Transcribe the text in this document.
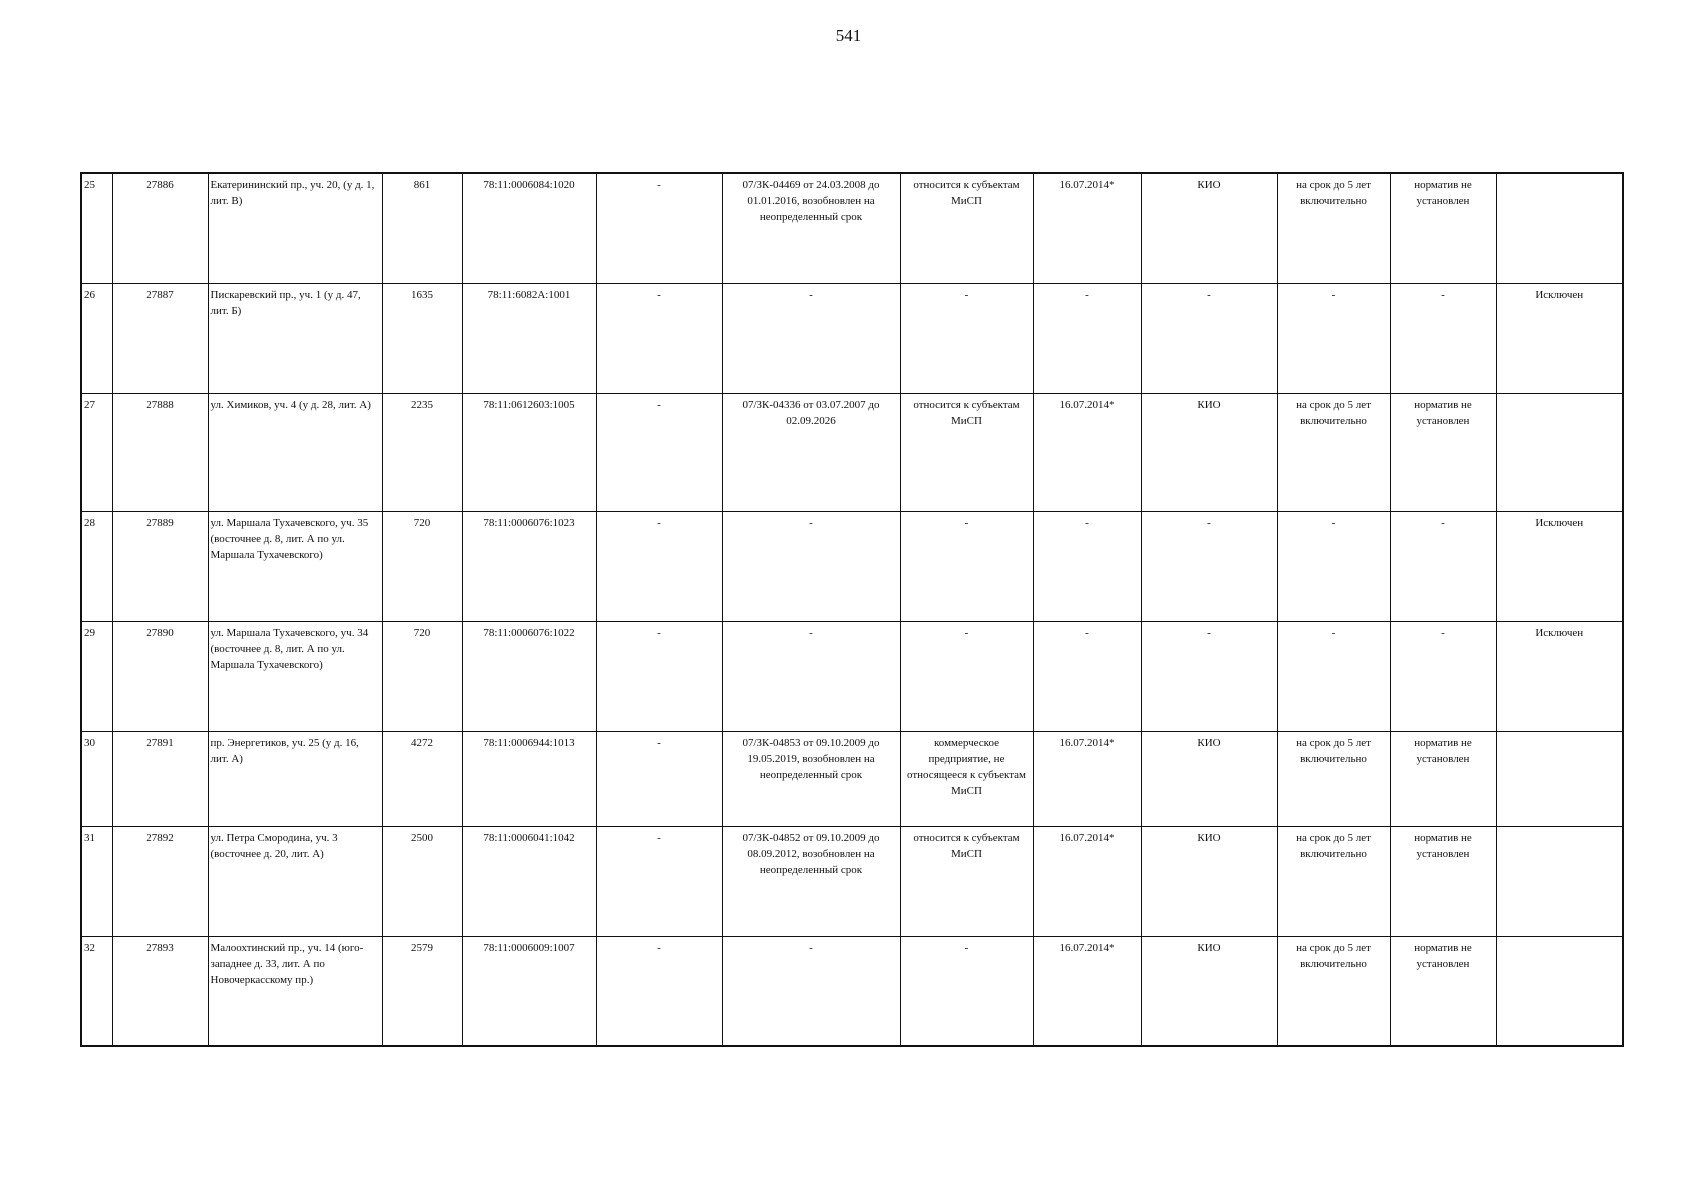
541
25	27886	Екатерининский пр., уч. 20, (у д. 1, лит. В)	861	78:11:0006084:1020	-	07/ЗК-04469 от 24.03.2008 до 01.01.2016, возобновлен на неопределенный срок	относится к субъектам МиСП	16.07.2014*	КИО	на срок до 5 лет включительно	норматив не установлен	
26	27887	Пискаревский пр., уч. 1 (у д. 47, лит. Б)	1635	78:11:6082А:1001	-	-	-	-	-	-	-	Исключен
27	27888	ул. Химиков, уч. 4 (у д. 28, лит. А)	2235	78:11:0612603:1005	-	07/ЗК-04336 от 03.07.2007 до 02.09.2026	относится к субъектам МиСП	16.07.2014*	КИО	на срок до 5 лет включительно	норматив не установлен	
28	27889	ул. Маршала Тухачевского, уч. 35 (восточнее д. 8, лит. А по ул. Маршала Тухачевского)	720	78:11:0006076:1023	-	-	-	-	-	-	-	Исключен
29	27890	ул. Маршала Тухачевского, уч. 34 (восточнее д. 8, лит. А по ул. Маршала Тухачевского)	720	78:11:0006076:1022	-	-	-	-	-	-	-	Исключен
30	27891	пр. Энергетиков, уч. 25 (у д. 16, лит. А)	4272	78:11:0006944:1013	-	07/ЗК-04853 от 09.10.2009 до 19.05.2019, возобновлен на неопределенный срок	коммерческое предприятие, не относящееся к субъектам МиСП	16.07.2014*	КИО	на срок до 5 лет включительно	норматив не установлен	
31	27892	ул. Петра Смородина, уч. 3 (восточнее д. 20, лит. А)	2500	78:11:0006041:1042	-	07/ЗК-04852 от 09.10.2009 до 08.09.2012, возобновлен на неопределенный срок	относится к субъектам МиСП	16.07.2014*	КИО	на срок до 5 лет включительно	норматив не установлен	
32	27893	Малоохтинский пр., уч. 14 (юго-западнее д. 33, лит. А по Новочеркасскому пр.)	2579	78:11:0006009:1007	-	-	-	16.07.2014*	КИО	на срок до 5 лет включительно	норматив не установлен	
